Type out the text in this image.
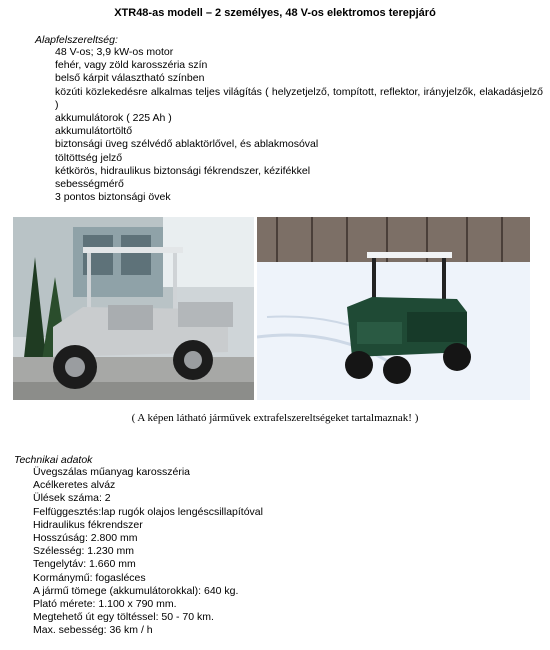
XTR48-as modell – 2 személyes, 48 V-os elektromos terepjáró
Alapfelszereltség:
48 V-os; 3,9 kW-os motor
fehér, vagy zöld karosszéria szín
belső kárpit választható színben
közúti közlekedésre alkalmas teljes világítás ( helyzetjelző, tompított, reflektor, irányjelzők, elakadásjelző )
akkumulátorok ( 225 Ah )
akkumulátortöltő
biztonsági üveg szélvédő ablaktörlővel, és ablakmosóval
töltöttség jelző
kétkörös, hidraulikus biztonsági fékrendszer, kézifékkel
sebességmérő
3 pontos biztonsági övek
( A képen látható járművek extrafelszereltségeket tartalmaznak! )
Technikai adatok
Üvegszálas műanyag karosszéria
Acélkeretes alváz
Ülések száma: 2
Felfüggesztés:lap rugók olajos lengéscsillapítóval
Hidraulikus fékrendszer
Hosszúság: 2.800 mm
Szélesség: 1.230 mm
Tengelytáv: 1.660 mm
Kormánymű: fogasléces
A jármű tömege (akkumulátorokkal): 640 kg.
Plató mérete: 1.100 x 790 mm.
Megtehető út egy töltéssel: 50 - 70 km.
Max. sebesség: 36 km / h
